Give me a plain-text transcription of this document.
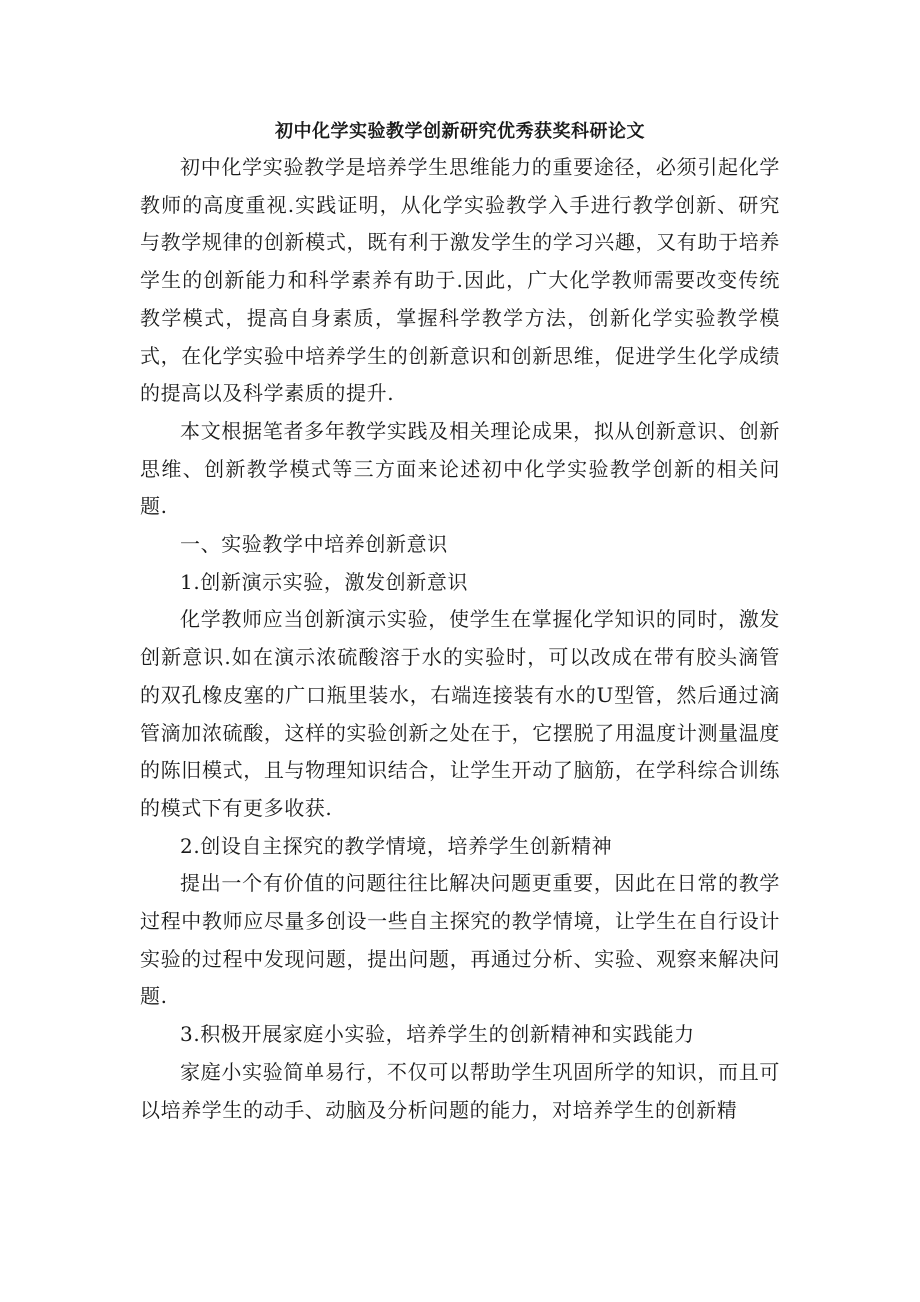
初中化学实验教学创新研究优秀获奖科研论文

初中化学实验教学是培养学生思维能力的重要途径，必须引起化学教师的高度重视.实践证明，从化学实验教学入手进行教学创新、研究与教学规律的创新模式，既有利于激发学生的学习兴趣，又有助于培养学生的创新能力和科学素养有助于.因此，广大化学教师需要改变传统教学模式，提高自身素质，掌握科学教学方法，创新化学实验教学模式，在化学实验中培养学生的创新意识和创新思维，促进学生化学成绩的提高以及科学素质的提升.

本文根据笔者多年教学实践及相关理论成果，拟从创新意识、创新思维、创新教学模式等三方面来论述初中化学实验教学创新的相关问题.

一、实验教学中培养创新意识

1.创新演示实验，激发创新意识

化学教师应当创新演示实验，使学生在掌握化学知识的同时，激发创新意识.如在演示浓硫酸溶于水的实验时，可以改成在带有胶头滴管的双孔橡皮塞的广口瓶里装水，右端连接装有水的U型管，然后通过滴管滴加浓硫酸，这样的实验创新之处在于，它摆脱了用温度计测量温度的陈旧模式，且与物理知识结合，让学生开动了脑筋，在学科综合训练的模式下有更多收获.

2.创设自主探究的教学情境，培养学生创新精神

提出一个有价值的问题往往比解决问题更重要，因此在日常的教学过程中教师应尽量多创设一些自主探究的教学情境，让学生在自行设计实验的过程中发现问题，提出问题，再通过分析、实验、观察来解决问题.

3.积极开展家庭小实验，培养学生的创新精神和实践能力

家庭小实验简单易行，不仅可以帮助学生巩固所学的知识，而且可以培养学生的动手、动脑及分析问题的能力，对培养学生的创新精
